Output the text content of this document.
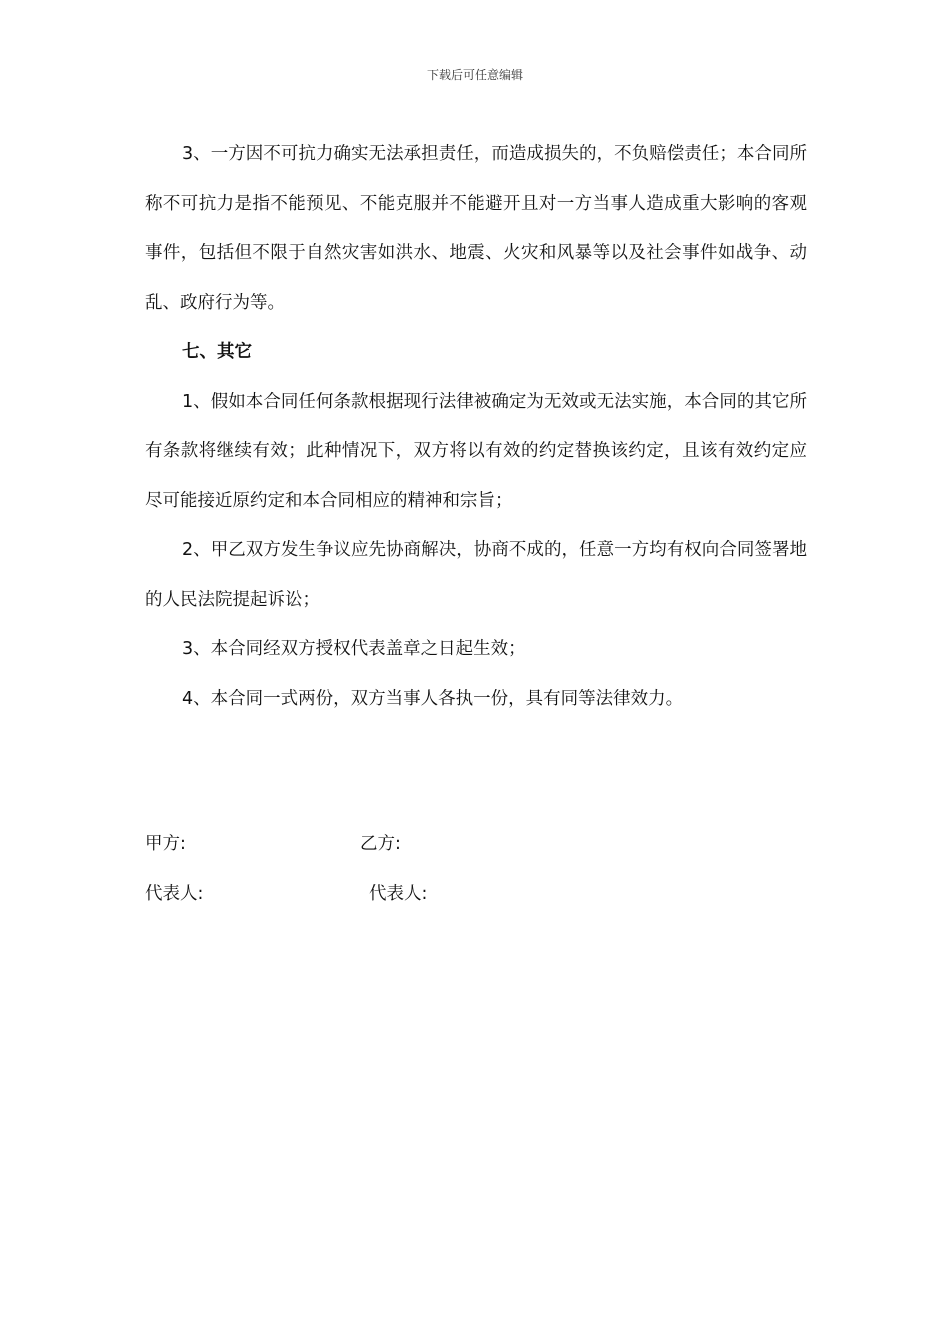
下载后可任意编辑

3、一方因不可抗力确实无法承担责任，而造成损失的，不负赔偿责任；本合同所称不可抗力是指不能预见、不能克服并不能避开且对一方当事人造成重大影响的客观事件，包括但不限于自然灾害如洪水、地震、火灾和风暴等以及社会事件如战争、动乱、政府行为等。

七、其它

1、假如本合同任何条款根据现行法律被确定为无效或无法实施，本合同的其它所有条款将继续有效；此种情况下，双方将以有效的约定替换该约定，且该有效约定应尽可能接近原约定和本合同相应的精神和宗旨；

2、甲乙双方发生争议应先协商解决，协商不成的，任意一方均有权向合同签署地的人民法院提起诉讼；

3、本合同经双方授权代表盖章之日起生效；

4、本合同一式两份，双方当事人各执一份，具有同等法律效力。

甲方:	乙方:
代表人:	代表人:
